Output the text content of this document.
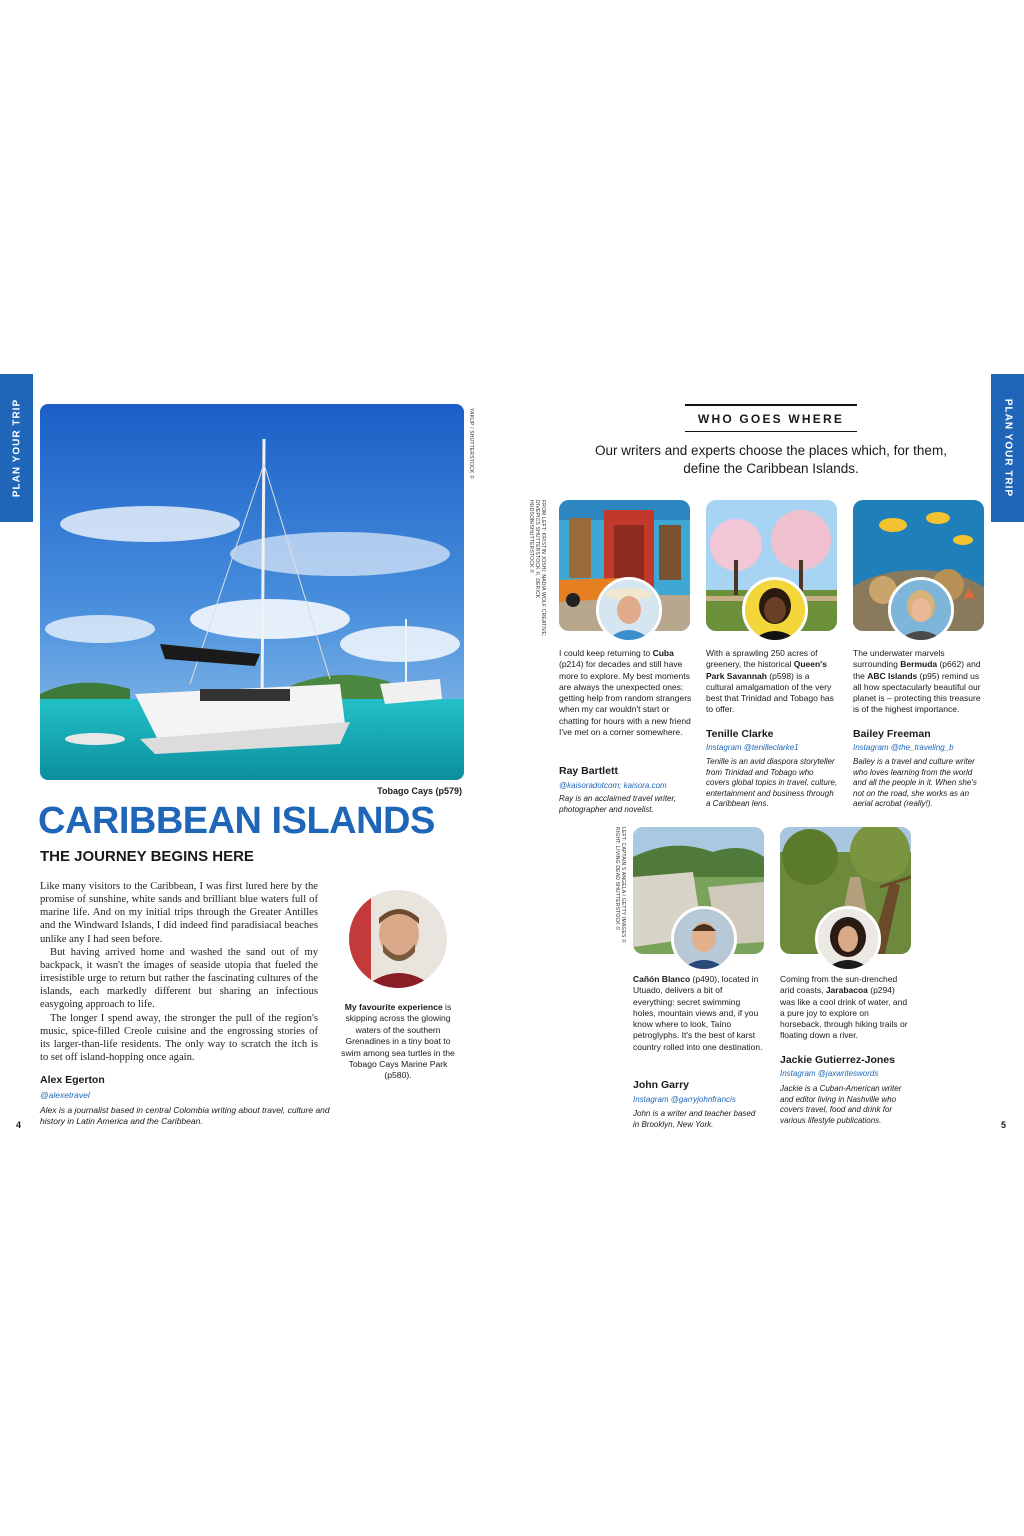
PLAN YOUR TRIP	PLAN YOUR TRIP
YAKUP / SHUTTERSTOCK ©
Tobago Cays (p579)
CARIBBEAN ISLANDS
THE JOURNEY BEGINS HERE

Like many visitors to the Caribbean, I was first lured here by the promise of sunshine, white sands and brilliant blue waters full of marine life. And on my initial trips through the Greater Antilles and the Windward Islands, I did indeed find paradisiacal beaches unlike any I had seen before.

But having arrived home and washed the sand out of my backpack, it wasn't the images of seaside utopia that fueled the irresistible urge to return but rather the fascinating cultures of the islands, each markedly different but sharing an infectious easygoing approach to life.

The longer I spend away, the stronger the pull of the region's music, spice-filled Creole cuisine and the engrossing stories of its larger-than-life residents. The only way to scratch the itch is to set off island-hopping once again.

Alex Egerton
@alexetravel
Alex is a journalist based in central Colombia writing about travel, culture and history in Latin America and the Caribbean.
My favourite experience is skipping across the glowing waters of the southern Grenadines in a tiny boat to swim among sea turtles in the Tobago Cays Marine Park (p580).
4	5
WHO GOES WHERE
Our writers and experts choose the places which, for them, define the Caribbean Islands.
FROM LEFT: KRISTIN JOSHI; NADIA WOLF CREATIVE;
DIVEPICS SHUTTERSTOCK ©, DERICK
HUDSON/SHUTTERSTOCK ©
LEFT: CAPTAIN S ANGELA / GETTY IMAGES ©
RIGHT: LIVING DEAD SHUTTERSTOCK ©
I could keep returning to Cuba (p214) for decades and still have more to explore. My best moments are always the unexpected ones: getting help from random strangers when my car wouldn't start or chatting for hours with a new friend I've met on a corner somewhere.
Ray Bartlett
@kaisoradotcom; kaisora.com
Ray is an acclaimed travel writer, photographer and novelist.
With a sprawling 250 acres of greenery, the historical Queen's Park Savannah (p598) is a cultural amalgamation of the very best that Trinidad and Tobago has to offer.
Tenille Clarke
Instagram @tenilleclarke1
Tenille is an avid diaspora storyteller from Trinidad and Tobago who covers global topics in travel, culture, entertainment and business through a Caribbean lens.
The underwater marvels surrounding Bermuda (p662) and the ABC Islands (p95) remind us all how spectacularly beautiful our planet is – protecting this treasure is of the highest importance.
Bailey Freeman
Instagram @the_traveling_b
Bailey is a travel and culture writer who loves learning from the world and all the people in it. When she's not on the road, she works as an aerial acrobat (really!).
Cañón Blanco (p490), located in Utuado, delivers a bit of everything: secret swimming holes, mountain views and, if you know where to look, Taíno petroglyphs. It's the best of karst country rolled into one destination.
John Garry
Instagram @garryjohnfrancis
John is a writer and teacher based in Brooklyn, New York.
Coming from the sun-drenched arid coasts, Jarabacoa (p294) was like a cool drink of water, and a pure joy to explore on horseback, through hiking trails or floating down a river.
Jackie Gutierrez-Jones
Instagram @jaxwriteswords
Jackie is a Cuban-American writer and editor living in Nashville who covers travel, food and drink for various lifestyle publications.
